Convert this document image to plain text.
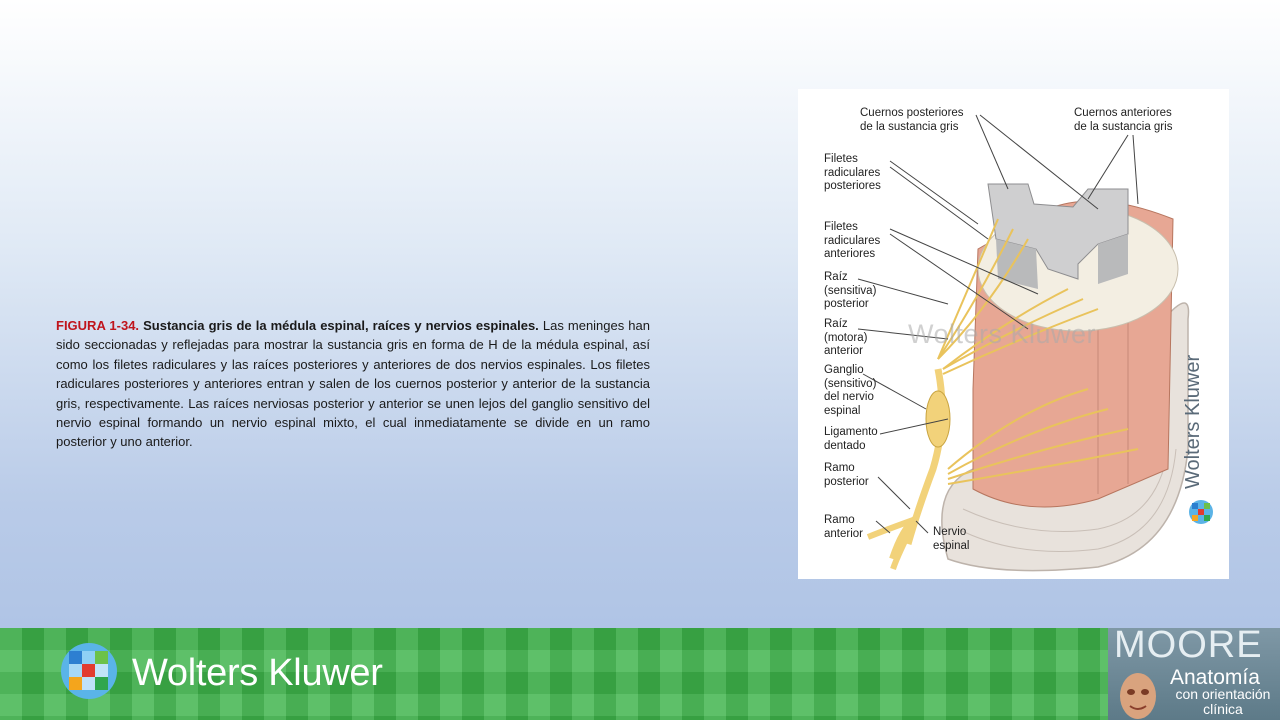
FIGURA 1-34. Sustancia gris de la médula espinal, raíces y nervios espinales. Las meninges han sido seccionadas y reflejadas para mostrar la sustancia gris en forma de H de la médula espinal, así como los filetes radiculares y las raíces posteriores y anteriores de dos nervios espinales. Los filetes radiculares posteriores y anteriores entran y salen de los cuernos posterior y anterior de la sustancia gris, respectivamente. Las raíces nerviosas posterior y anterior se unen lejos del ganglio sensitivo del nervio espinal formando un nervio espinal mixto, el cual inmediatamente se divide en un ramo posterior y uno anterior.
Cuernos posteriores
de la sustancia gris
Cuernos anteriores
de la sustancia gris
Filetes
radiculares
posteriores
Filetes
radiculares
anteriores
Raíz
(sensitiva)
posterior
Raíz
(motora)
anterior
Ganglio
(sensitivo)
del nervio
espinal
Ligamento
dentado
Ramo
posterior
Ramo
anterior	Nervio
espinal
Wolters Kluwer
Wolters Kluwer
Wolters Kluwer
MOORE
Anatomía
con orientación
clínica
